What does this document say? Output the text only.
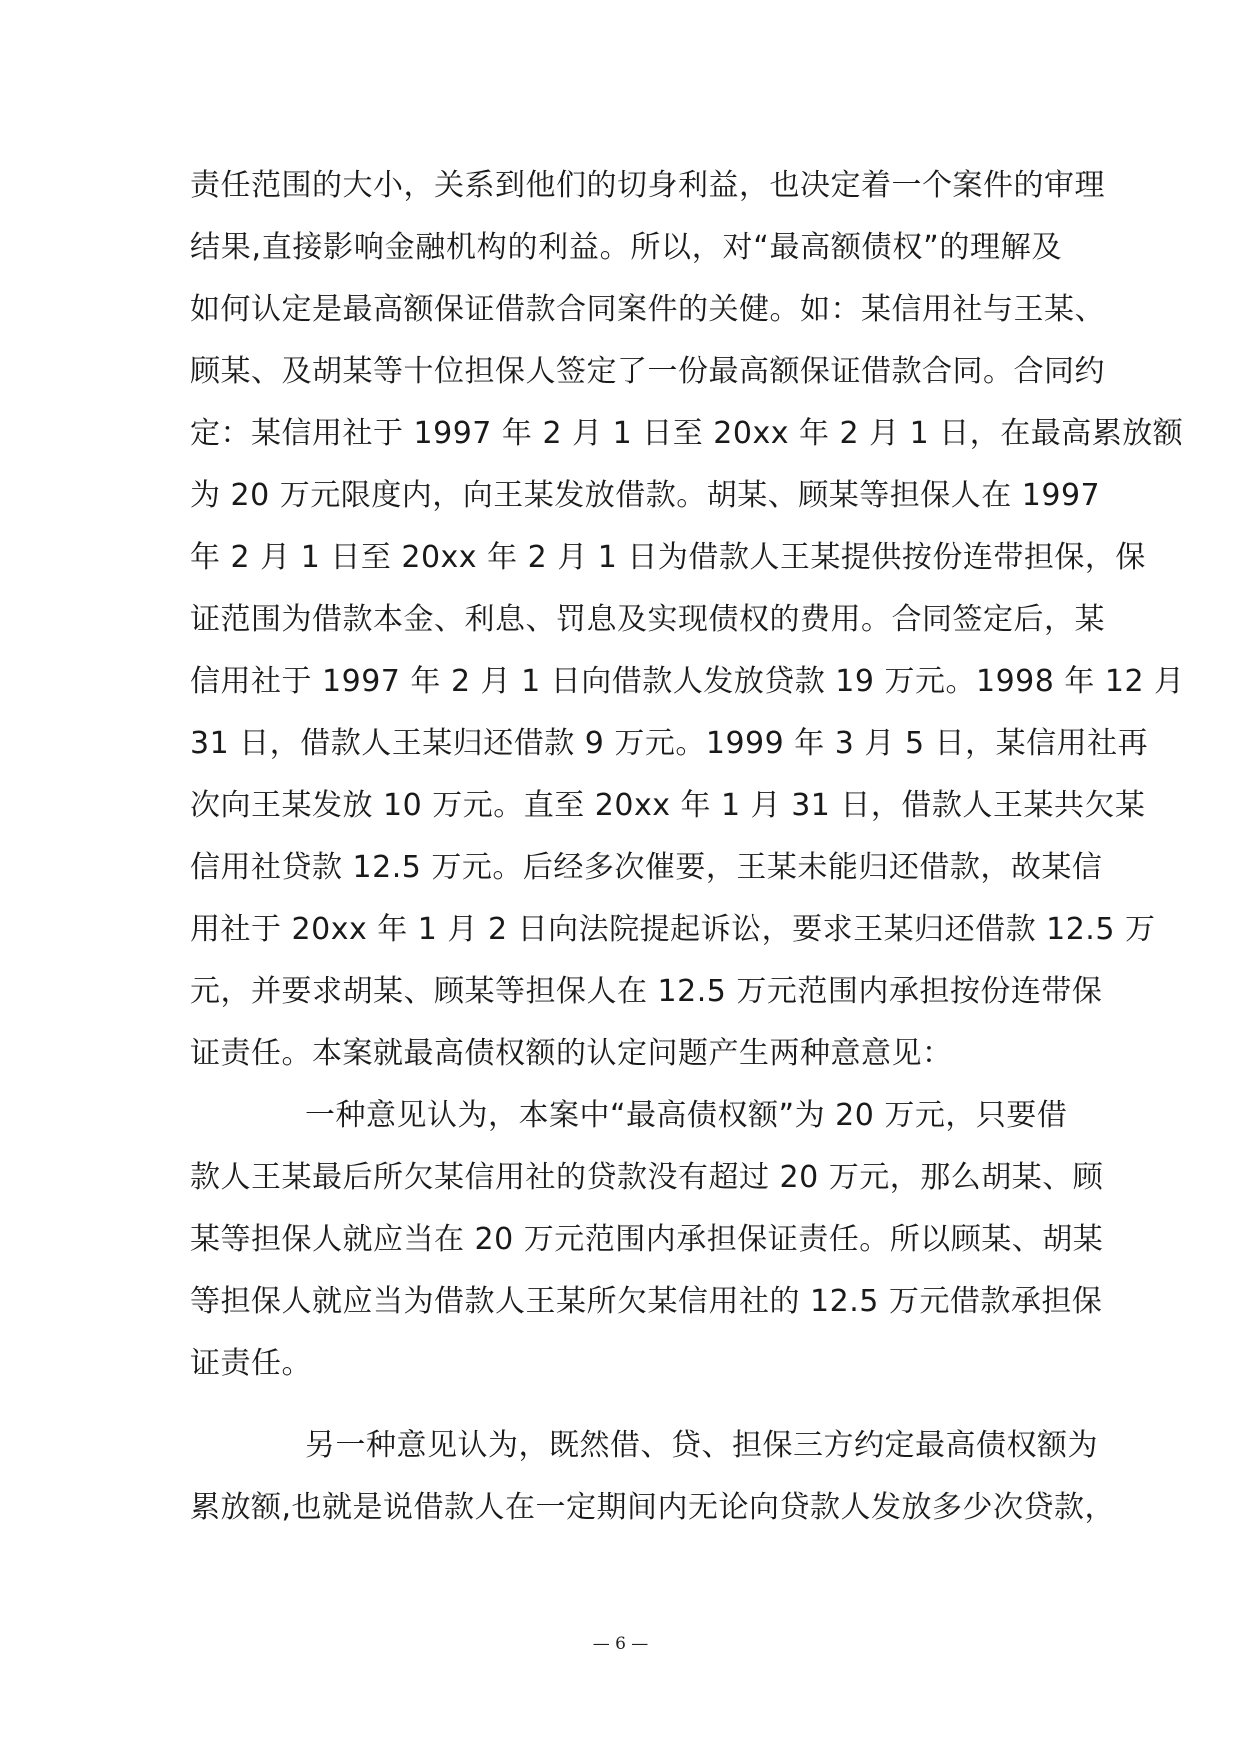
责任范围的大小，关系到他们的切身利益，也决定着一个案件的审理
结果,直接影响金融机构的利益。所以，对“最高额债权”的理解及
如何认定是最高额保证借款合同案件的关健。如：某信用社与王某、
顾某、及胡某等十位担保人签定了一份最高额保证借款合同。合同约
定：某信用社于 1997 年 2 月 1 日至 20xx 年 2 月 1 日，在最高累放额
为 20 万元限度内，向王某发放借款。胡某、顾某等担保人在 1997
年 2 月 1 日至 20xx 年 2 月 1 日为借款人王某提供按份连带担保，保
证范围为借款本金、利息、罚息及实现债权的费用。合同签定后，某
信用社于 1997 年 2 月 1 日向借款人发放贷款 19 万元。1998 年 12 月
31 日，借款人王某归还借款 9 万元。1999 年 3 月 5 日，某信用社再
次向王某发放 10 万元。直至 20xx 年 1 月 31 日，借款人王某共欠某
信用社贷款 12.5 万元。后经多次催要，王某未能归还借款，故某信
用社于 20xx 年 1 月 2 日向法院提起诉讼，要求王某归还借款 12.5 万
元，并要求胡某、顾某等担保人在 12.5 万元范围内承担按份连带保
证责任。本案就最高债权额的认定问题产生两种意意见：
一种意见认为，本案中“最高债权额”为 20 万元，只要借
款人王某最后所欠某信用社的贷款没有超过 20 万元，那么胡某、顾
某等担保人就应当在 20 万元范围内承担保证责任。所以顾某、胡某
等担保人就应当为借款人王某所欠某信用社的 12.5 万元借款承担保
证责任。
另一种意见认为，既然借、贷、担保三方约定最高债权额为
累放额,也就是说借款人在一定期间内无论向贷款人发放多少次贷款，
— 6 —
